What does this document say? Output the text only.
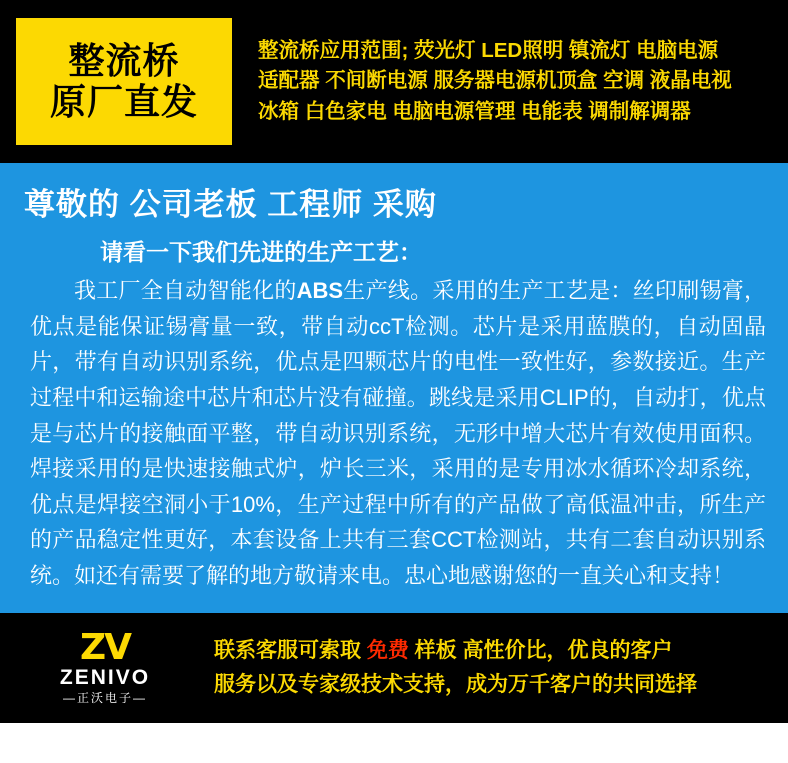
整流桥
原厂直发
整流桥应用范围; 荧光灯 LED照明 镇流灯 电脑电源
适配器 不间断电源 服务器电源机顶盒 空调 液晶电视
冰箱 白色家电 电脑电源管理 电能表 调制解调器
尊敬的 公司老板 工程师 采购
请看一下我们先进的生产工艺：

我工厂全自动智能化的ABS生产线。采用的生产工艺是：丝印刷锡膏，优点是能保证锡膏量一致，带自动ccT检测。芯片是采用蓝膜的，自动固晶片，带有自动识别系统，优点是四颗芯片的电性一致性好，参数接近。生产过程中和运输途中芯片和芯片没有碰撞。跳线是采用CLIP的，自动打，优点是与芯片的接触面平整，带自动识别系统，无形中增大芯片有效使用面积。焊接采用的是快速接触式炉，炉长三米，采用的是专用冰水循环冷却系统，优点是焊接空洞小于10%，生产过程中所有的产品做了高低温冲击，所生产的产品稳定性更好，本套设备上共有三套CCT检测站，共有二套自动识别系统。如还有需要了解的地方敬请来电。忠心地感谢您的一直关心和支持！

ZV
ZENIVO
—正沃电子—
联系客服可索取 免费 样板 高性价比，优良的客户
服务以及专家级技术支持，成为万千客户的共同选择
